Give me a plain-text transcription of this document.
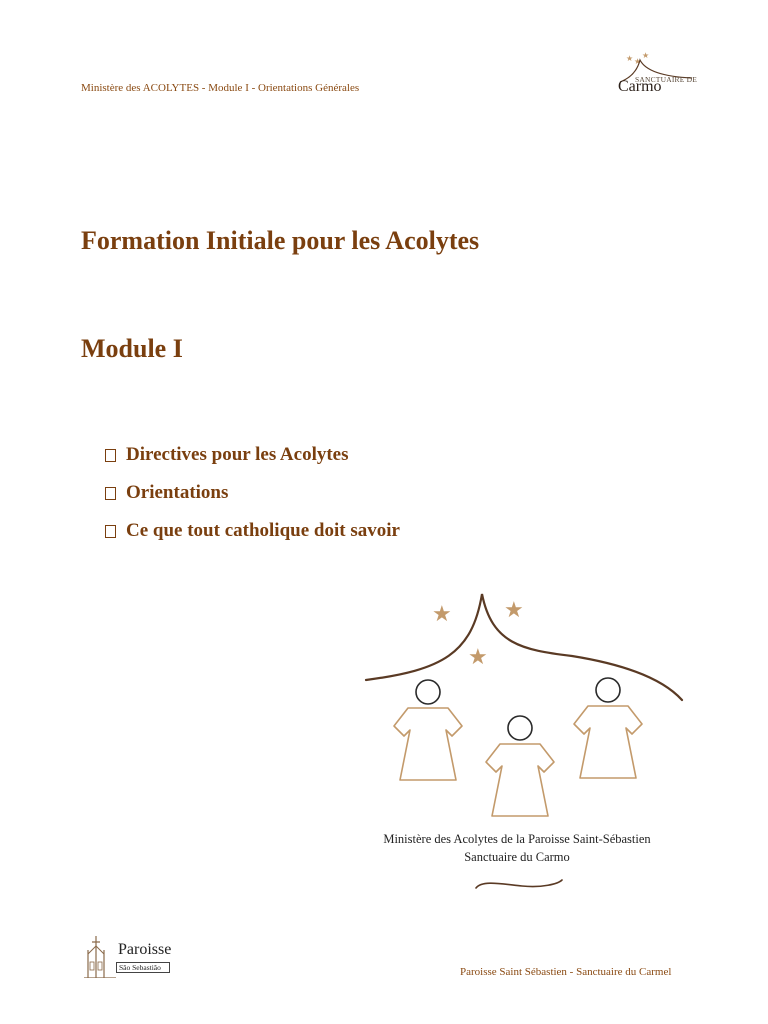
Ministère des ACOLYTES - Module I - Orientations Générales
★ ★
★
SANCTUAIRE DE
Carmo
Formation Initiale pour les Acolytes
Module I
Directives pour les Acolytes
Orientations
Ce que tout catholique doit savoir
★ ★
★
Ministère des Acolytes de la Paroisse Saint-Sébastien
Sanctuaire du Carmo
Paroisse
São Sebastião	Paroisse Saint Sébastien - Sanctuaire du Carmel
